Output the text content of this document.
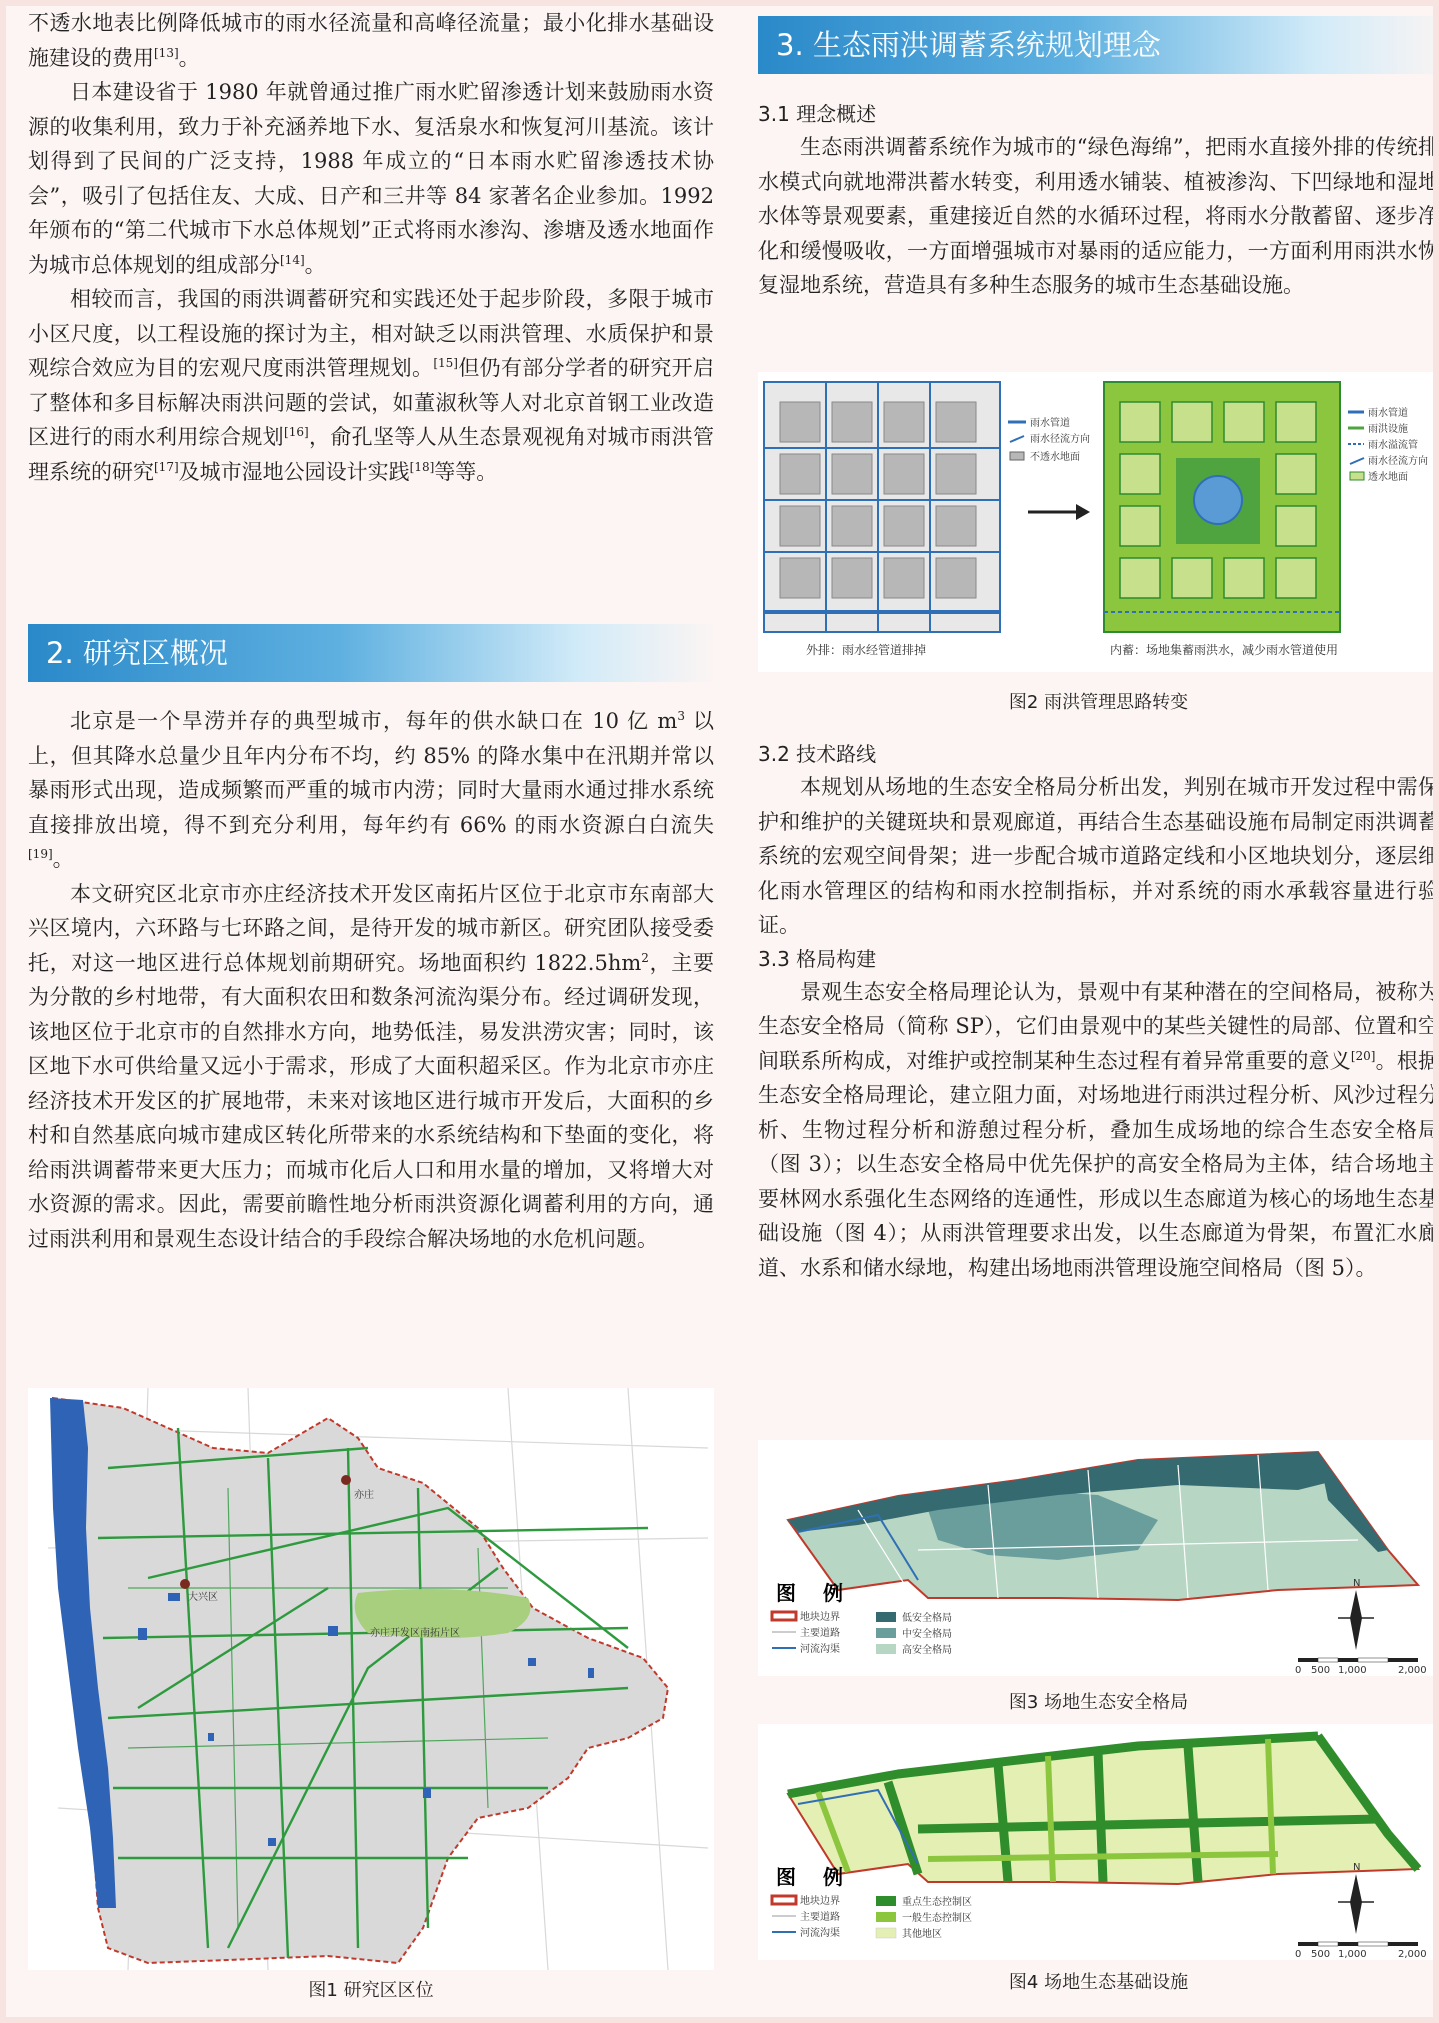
不透水地表比例降低城市的雨水径流量和高峰径流量；最小化排水基础设施建设的费用[13]。

日本建设省于 1980 年就曾通过推广雨水贮留渗透计划来鼓励雨水资源的收集利用，致力于补充涵养地下水、复活泉水和恢复河川基流。该计划得到了民间的广泛支持，1988 年成立的“日本雨水贮留渗透技术协会”，吸引了包括住友、大成、日产和三井等 84 家著名企业参加。1992 年颁布的“第二代城市下水总体规划”正式将雨水渗沟、渗塘及透水地面作为城市总体规划的组成部分[14]。

相较而言，我国的雨洪调蓄研究和实践还处于起步阶段，多限于城市小区尺度，以工程设施的探讨为主，相对缺乏以雨洪管理、水质保护和景观综合效应为目的宏观尺度雨洪管理规划。[15]但仍有部分学者的研究开启了整体和多目标解决雨洪问题的尝试，如董淑秋等人对北京首钢工业改造区进行的雨水利用综合规划[16]，俞孔坚等人从生态景观视角对城市雨洪管理系统的研究[17]及城市湿地公园设计实践[18]等等。

2. 研究区概况

北京是一个旱涝并存的典型城市，每年的供水缺口在 10 亿 $m^3$ 以上，但其降水总量少且年内分布不均，约 85% 的降水集中在汛期并常以暴雨形式出现，造成频繁而严重的城市内涝；同时大量雨水通过排水系统直接排放出境，得不到充分利用，每年约有 66% 的雨水资源白白流失[19]。

本文研究区北京市亦庄经济技术开发区南拓片区位于北京市东南部大兴区境内，六环路与七环路之间，是待开发的城市新区。研究团队接受委托，对这一地区进行总体规划前期研究。场地面积约 $1822.5hm^2$，主要为分散的乡村地带，有大面积农田和数条河流沟渠分布。经过调研发现，该地区位于北京市的自然排水方向，地势低洼，易发洪涝灾害；同时，该区地下水可供给量又远小于需求，形成了大面积超采区。作为北京市亦庄经济技术开发区的扩展地带，未来对该地区进行城市开发后，大面积的乡村和自然基底向城市建成区转化所带来的水系统结构和下垫面的变化，将给雨洪调蓄带来更大压力；而城市化后人口和用水量的增加，又将增大对水资源的需求。因此，需要前瞻性地分析雨洪资源化调蓄利用的方向，通过雨洪利用和景观生态设计结合的手段综合解决场地的水危机问题。

亦庄
大兴区
亦庄开发区南拓片区
图1 研究区区位
3. 生态雨洪调蓄系统规划理念

3.1 理念概述

生态雨洪调蓄系统作为城市的“绿色海绵”，把雨水直接外排的传统排水模式向就地滞洪蓄水转变，利用透水铺装、植被渗沟、下凹绿地和湿地水体等景观要素，重建接近自然的水循环过程，将雨水分散蓄留、逐步净化和缓慢吸收，一方面增强城市对暴雨的适应能力，一方面利用雨洪水恢复湿地系统，营造具有多种生态服务的城市生态基础设施。

雨水管道
雨水径流方向
不透水地面
雨水管道
雨洪设施
雨水溢流管
雨水径流方向
透水地面
外排：雨水经管道排掉	内蓄：场地集蓄雨洪水，减少雨水管道使用
图2 雨洪管理思路转变

3.2 技术路线

本规划从场地的生态安全格局分析出发，判别在城市开发过程中需保护和维护的关键斑块和景观廊道，再结合生态基础设施布局制定雨洪调蓄系统的宏观空间骨架；进一步配合城市道路定线和小区地块划分，逐层细化雨水管理区的结构和雨水控制指标，并对系统的雨水承载容量进行验证。

3.3 格局构建

景观生态安全格局理论认为，景观中有某种潜在的空间格局，被称为生态安全格局（简称 SP），它们由景观中的某些关键性的局部、位置和空间联系所构成，对维护或控制某种生态过程有着异常重要的意义[20]。根据生态安全格局理论，建立阻力面，对场地进行雨洪过程分析、风沙过程分析、生物过程分析和游憩过程分析，叠加生成场地的综合生态安全格局（图 3）；以生态安全格局中优先保护的高安全格局为主体，结合场地主要林网水系强化生态网络的连通性，形成以生态廊道为核心的场地生态基础设施（图 4）；从雨洪管理要求出发，以生态廊道为骨架，布置汇水廊道、水系和储水绿地，构建出场地雨洪管理设施空间格局（图 5）。

图 例
地块边界
主要道路
河流沟渠
低安全格局
中安全格局
高安全格局
N
0 500 1,000	2,000
图3 场地生态安全格局
图 例
地块边界
主要道路
河流沟渠
重点生态控制区
一般生态控制区
其他地区
N
0 500 1,000	2,000
图4 场地生态基础设施
